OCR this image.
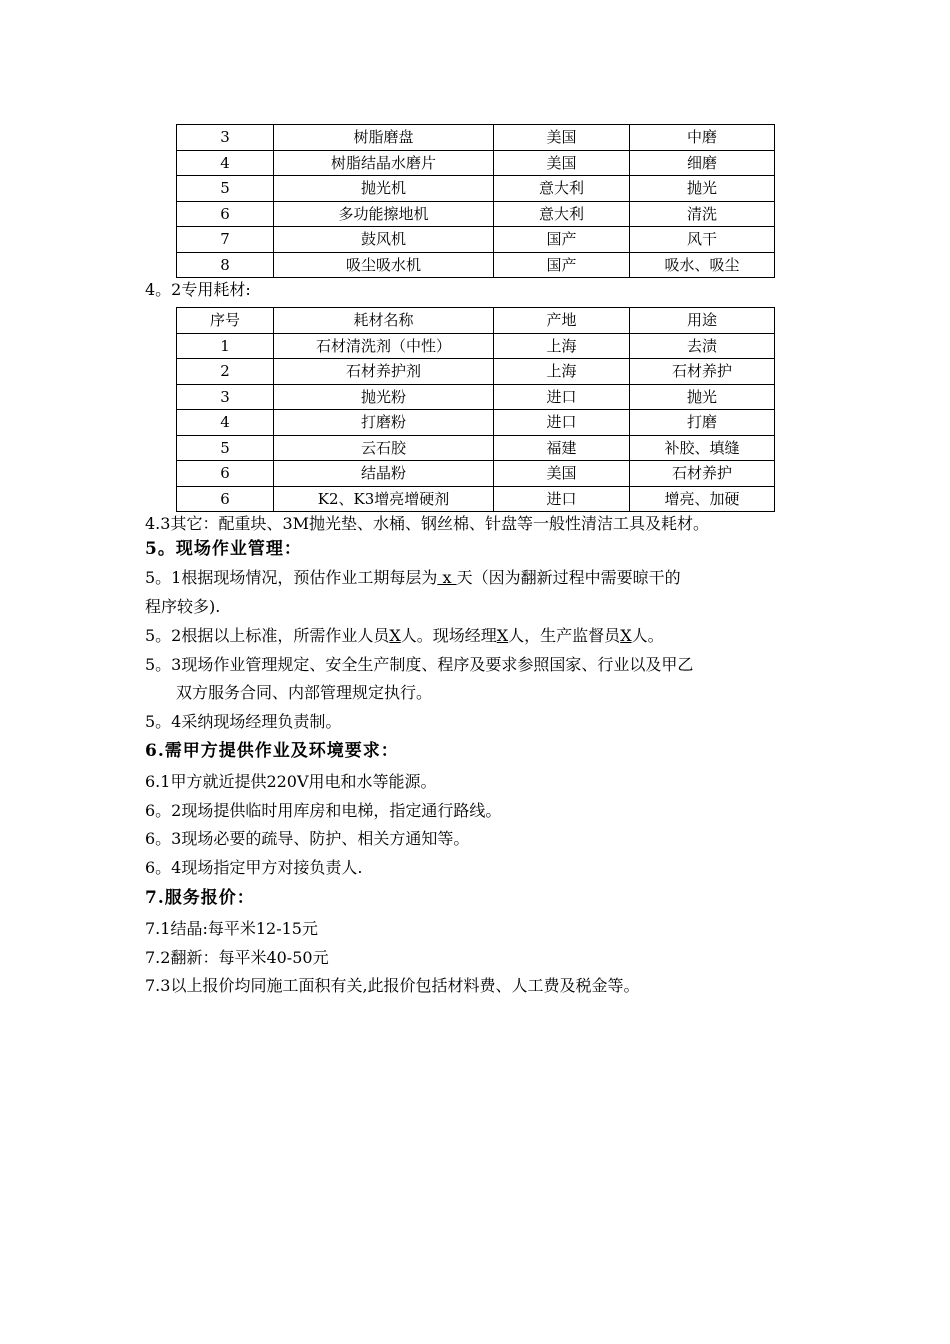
3	树脂磨盘	美国	中磨
4	树脂结晶水磨片	美国	细磨
5	抛光机	意大利	抛光
6	多功能擦地机	意大利	清洗
7	鼓风机	国产	风干
8	吸尘吸水机	国产	吸水、吸尘
4。2专用耗材:
序号	耗材名称	产地	用途
1	石材清洗剂（中性）	上海	去渍
2	石材养护剂	上海	石材养护
3	抛光粉	进口	抛光
4	打磨粉	进口	打磨
5	云石胶	福建	补胶、填缝
6	结晶粉	美国	石材养护
6	K2、K3增亮增硬剂	进口	增亮、加硬
4.3其它：配重块、3M抛光垫、水桶、钢丝棉、针盘等一般性清洁工具及耗材。
5。现场作业管理：
5。1根据现场情况，预估作业工期每层为 x 天（因为翻新过程中需要晾干的
程序较多).
5。2根据以上标准，所需作业人员X人。现场经理X人，生产监督员X人。
5。3现场作业管理规定、安全生产制度、程序及要求参照国家、行业以及甲乙
双方服务合同、内部管理规定执行。
5。4采纳现场经理负责制。
6.需甲方提供作业及环境要求：
6.1甲方就近提供220V用电和水等能源。
6。2现场提供临时用库房和电梯，指定通行路线。
6。3现场必要的疏导、防护、相关方通知等。
6。4现场指定甲方对接负责人.
7.服务报价：
7.1结晶:每平米12-15元
7.2翻新：每平米40-50元
7.3以上报价均同施工面积有关,此报价包括材料费、人工费及税金等。
